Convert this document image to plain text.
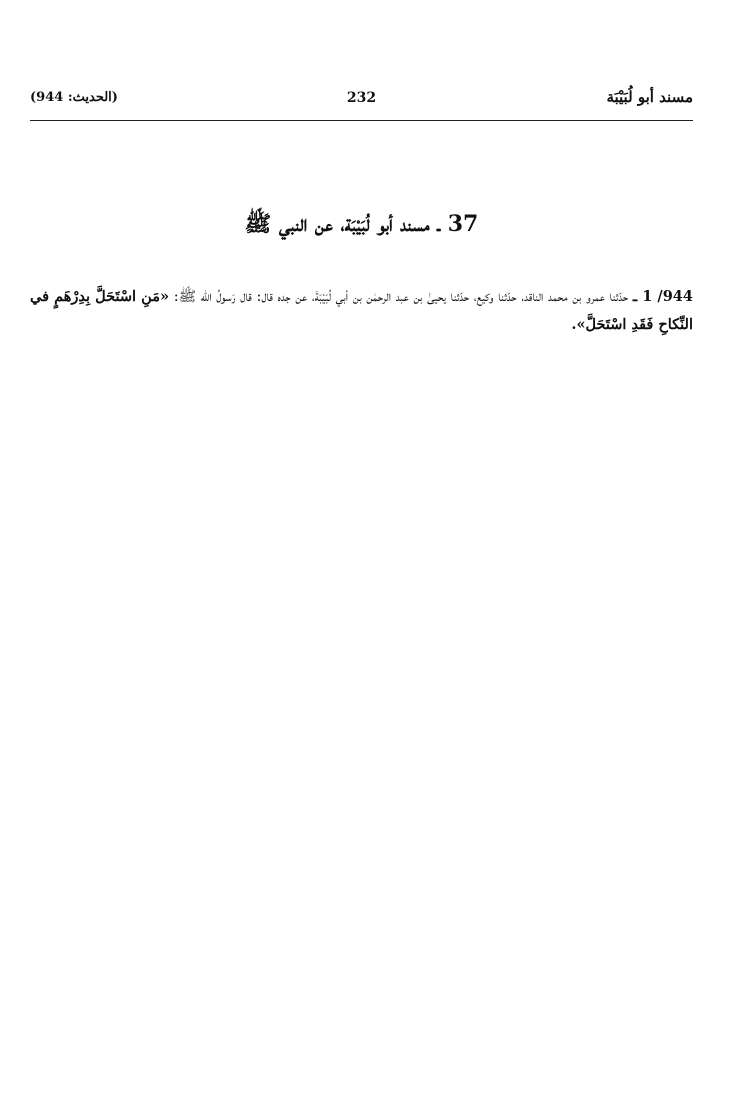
مسند أبو لُبَيْبَة
232
(الحديث: 944)
37 ـ مسند أبو لُبَيْبَة، عن النبي ﷺ

944/ 1 ـ حدّثنا عمرو بن محمد الناقد، حدّثنا وكيع، حدّثنا يحيىٰ بن عبد الرحمٰن بن أبي لُبَيْبَةَ، عن جده قال: قال رَسولُ الله ﷺ: «مَنِ اسْتَحَلَّ بِدِرْهَمٍ في النِّكاحِ فَقَدِ اسْتَحَلَّ».
